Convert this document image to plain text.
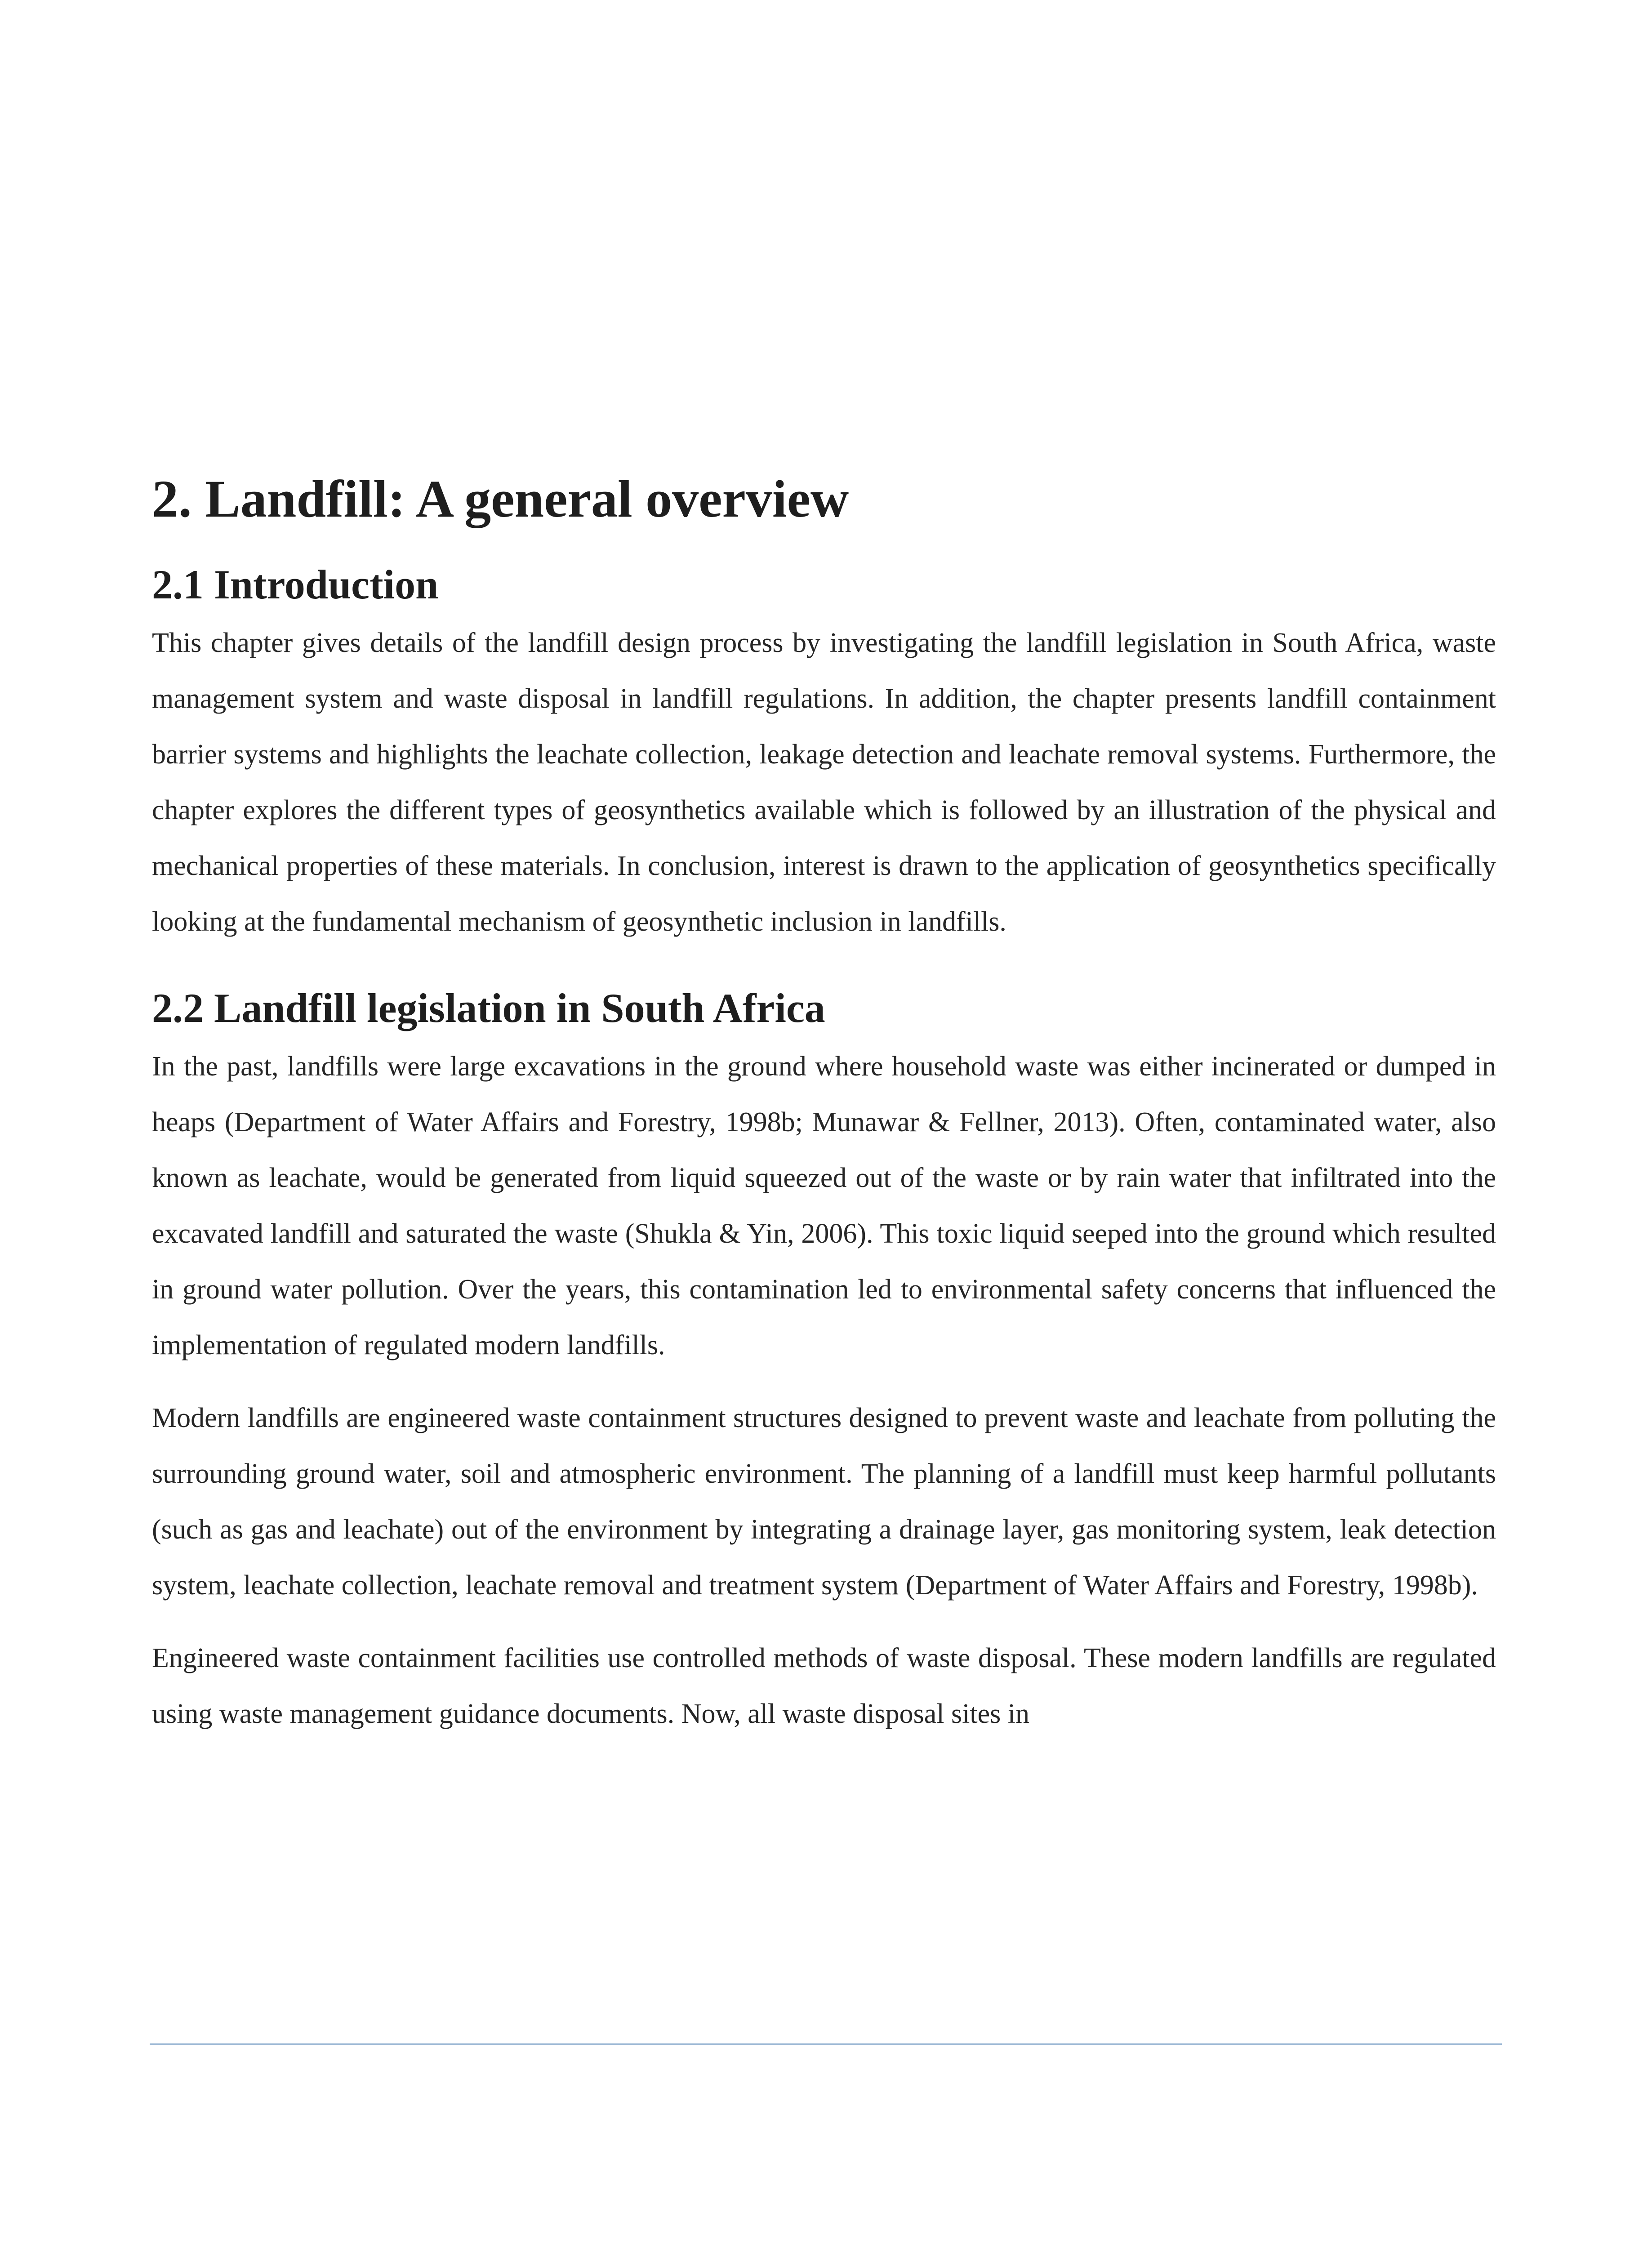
2. Landfill: A general overview
2.1 Introduction

This chapter gives details of the landfill design process by investigating the landfill legislation in South Africa, waste management system and waste disposal in landfill regulations. In addition, the chapter presents landfill containment barrier systems and highlights the leachate collection, leakage detection and leachate removal systems. Furthermore, the chapter explores the different types of geosynthetics available which is followed by an illustration of the physical and mechanical properties of these materials. In conclusion, interest is drawn to the application of geosynthetics specifically looking at the fundamental mechanism of geosynthetic inclusion in landfills.

2.2 Landfill legislation in South Africa

In the past, landfills were large excavations in the ground where household waste was either incinerated or dumped in heaps (Department of Water Affairs and Forestry, 1998b; Munawar & Fellner, 2013). Often, contaminated water, also known as leachate, would be generated from liquid squeezed out of the waste or by rain water that infiltrated into the excavated landfill and saturated the waste (Shukla & Yin, 2006). This toxic liquid seeped into the ground which resulted in ground water pollution. Over the years, this contamination led to environmental safety concerns that influenced the implementation of regulated modern landfills.

Modern landfills are engineered waste containment structures designed to prevent waste and leachate from polluting the surrounding ground water, soil and atmospheric environment. The planning of a landfill must keep harmful pollutants (such as gas and leachate) out of the environment by integrating a drainage layer, gas monitoring system, leak detection system, leachate collection, leachate removal and treatment system (Department of Water Affairs and Forestry, 1998b).

Engineered waste containment facilities use controlled methods of waste disposal. These modern landfills are regulated using waste management guidance documents. Now, all waste disposal sites in
